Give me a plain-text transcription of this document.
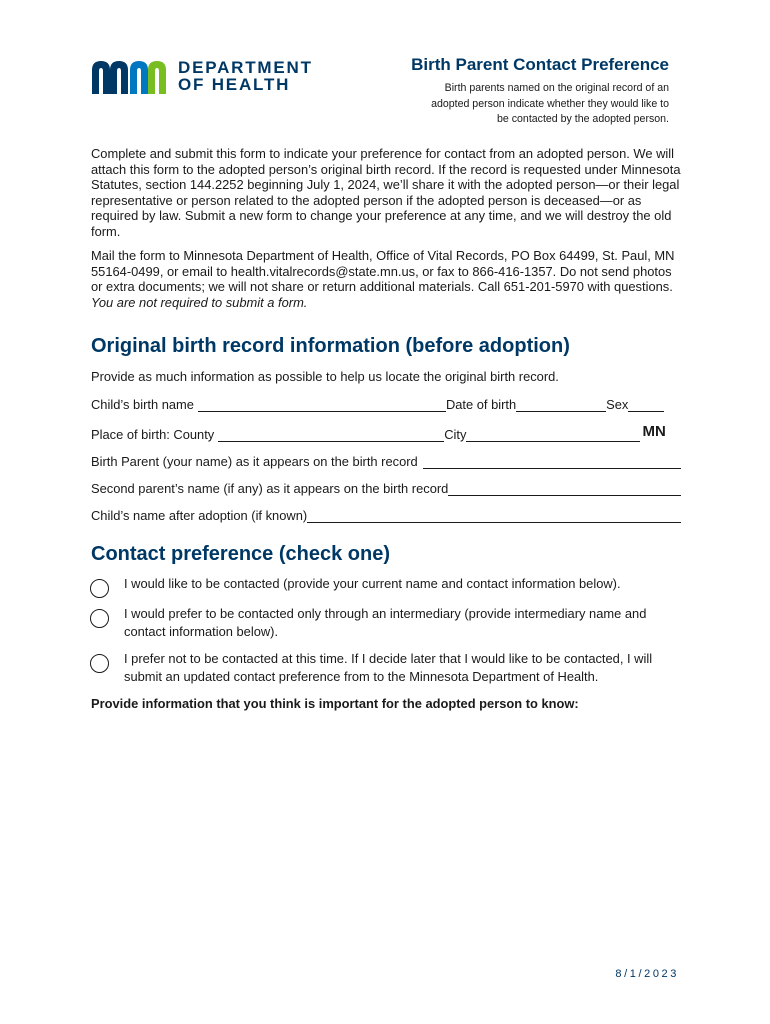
DEPARTMENT
OF HEALTH
Birth Parent Contact Preference
Birth parents named on the original record of an
adopted person indicate whether they would like to
be contacted by the adopted person.

Complete and submit this form to indicate your preference for contact from an adopted person. We will attach this form to the adopted person’s original birth record. If the record is requested under Minnesota Statutes, section 144.2252 beginning July 1, 2024, we’ll share it with the adopted person—or their legal representative or person related to the adopted person if the adopted person is deceased—or as required by law. Submit a new form to change your preference at any time, and we will destroy the old form.

Mail the form to Minnesota Department of Health, Office of Vital Records, PO Box 64499, St. Paul, MN 55164-0499, or email to health.vitalrecords@state.mn.us, or fax to 866-416-1357. Do not send photos or extra documents; we will not share or return additional materials. Call 651-201-5970 with questions. You are not required to submit a form.

Original birth record information (before adoption)
Provide as much information as possible to help us locate the original birth record.
Child’s birth name	Date of birth	Sex
Place of birth: County	City	MN
Birth Parent (your name) as it appears on the birth record
Second parent’s name (if any) as it appears on the birth record
Child’s name after adoption (if known)
Contact preference (check one)
I would like to be contacted (provide your current name and contact information below).
I would prefer to be contacted only through an intermediary (provide intermediary name and contact information below).
I prefer not to be contacted at this time. If I decide later that I would like to be contacted, I will submit an updated contact preference from to the Minnesota Department of Health.
Provide information that you think is important for the adopted person to know:
8/1/2023
